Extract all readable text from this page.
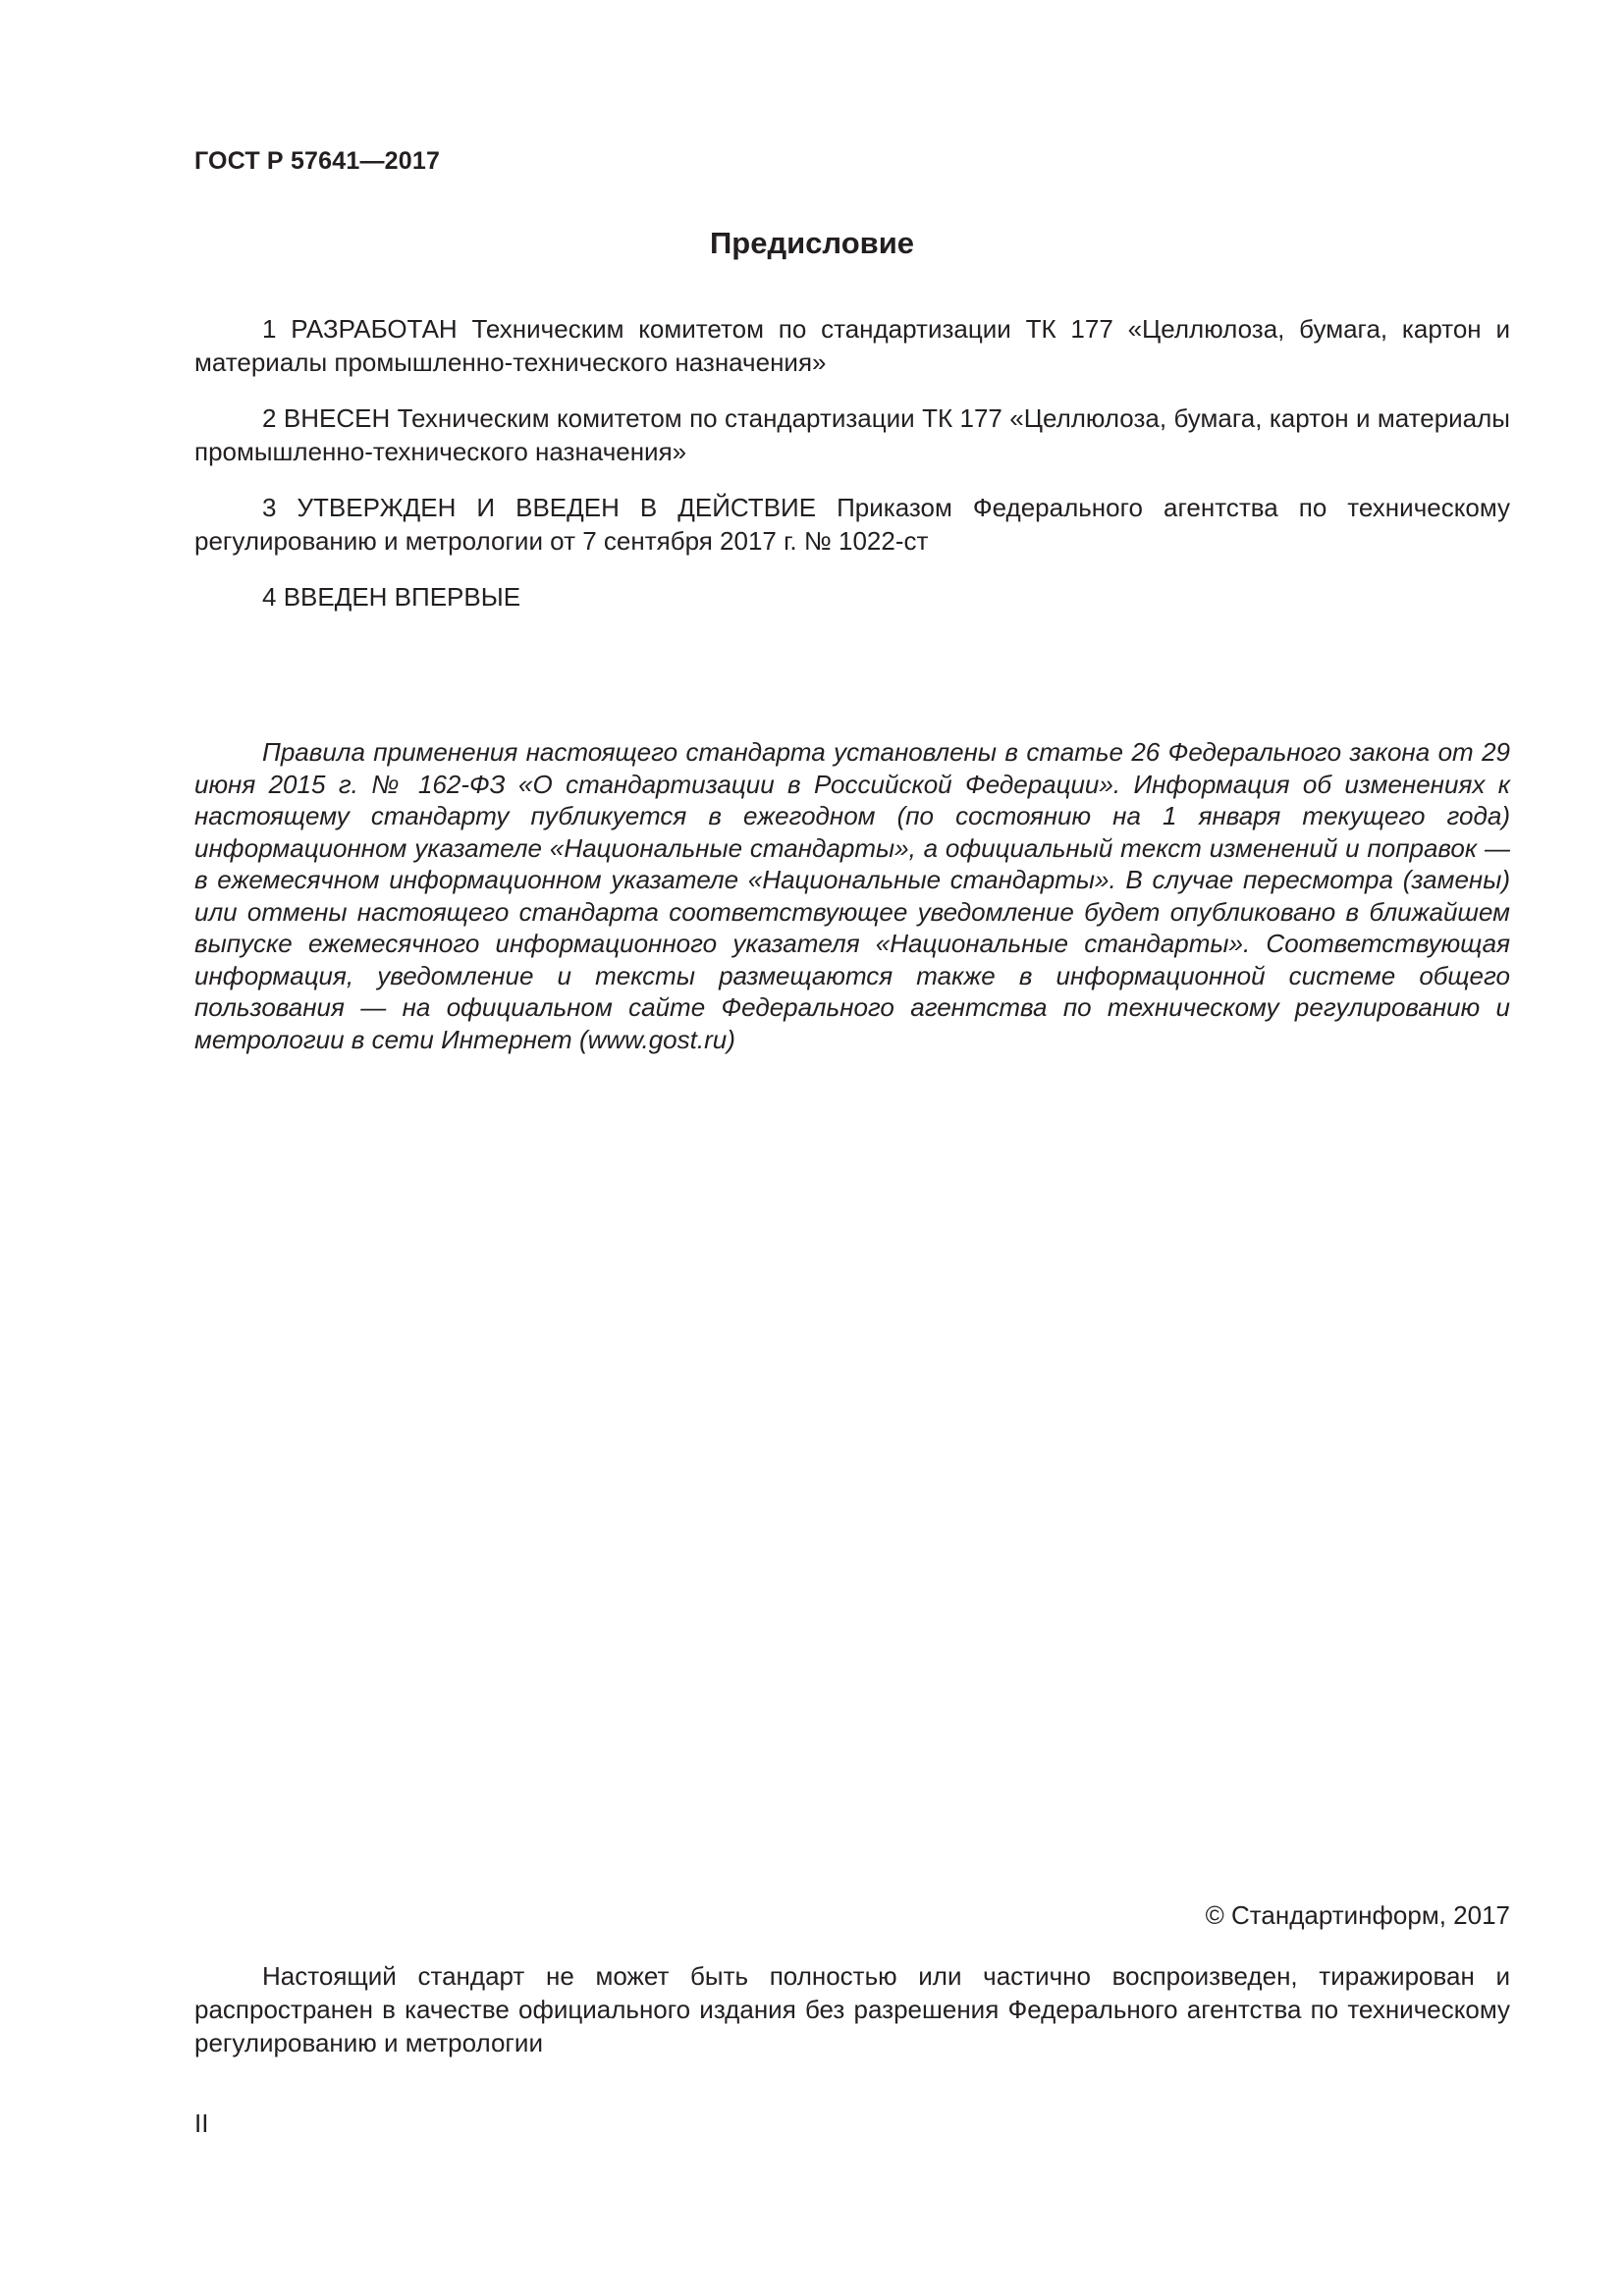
ГОСТ Р 57641—2017
Предисловие

1 РАЗРАБОТАН Техническим комитетом по стандартизации ТК 177 «Целлюлоза, бумага, картон и материалы промышленно-технического назначения»

2 ВНЕСЕН Техническим комитетом по стандартизации ТК 177 «Целлюлоза, бумага, картон и материалы промышленно-технического назначения»

3 УТВЕРЖДЕН И ВВЕДЕН В ДЕЙСТВИЕ Приказом Федерального агентства по техническому регулированию и метрологии от 7 сентября 2017 г. № 1022-ст

4 ВВЕДЕН ВПЕРВЫЕ

Правила применения настоящего стандарта установлены в статье 26 Федерального закона от 29 июня 2015 г. № 162-ФЗ «О стандартизации в Российской Федерации». Информация об изменениях к настоящему стандарту публикуется в ежегодном (по состоянию на 1 января текущего года) информационном указателе «Национальные стандарты», а официальный текст изменений и поправок — в ежемесячном информационном указателе «Национальные стандарты». В случае пересмотра (замены) или отмены настоящего стандарта соответствующее уведомление будет опубликовано в ближайшем выпуске ежемесячного информационного указателя «Национальные стандарты». Соответствующая информация, уведомление и тексты размещаются также в информационной системе общего пользования — на официальном сайте Федерального агентства по техническому регулированию и метрологии в сети Интернет (www.gost.ru)
© Стандартинформ, 2017

Настоящий стандарт не может быть полностью или частично воспроизведен, тиражирован и распространен в качестве официального издания без разрешения Федерального агентства по техническому регулированию и метрологии

II
